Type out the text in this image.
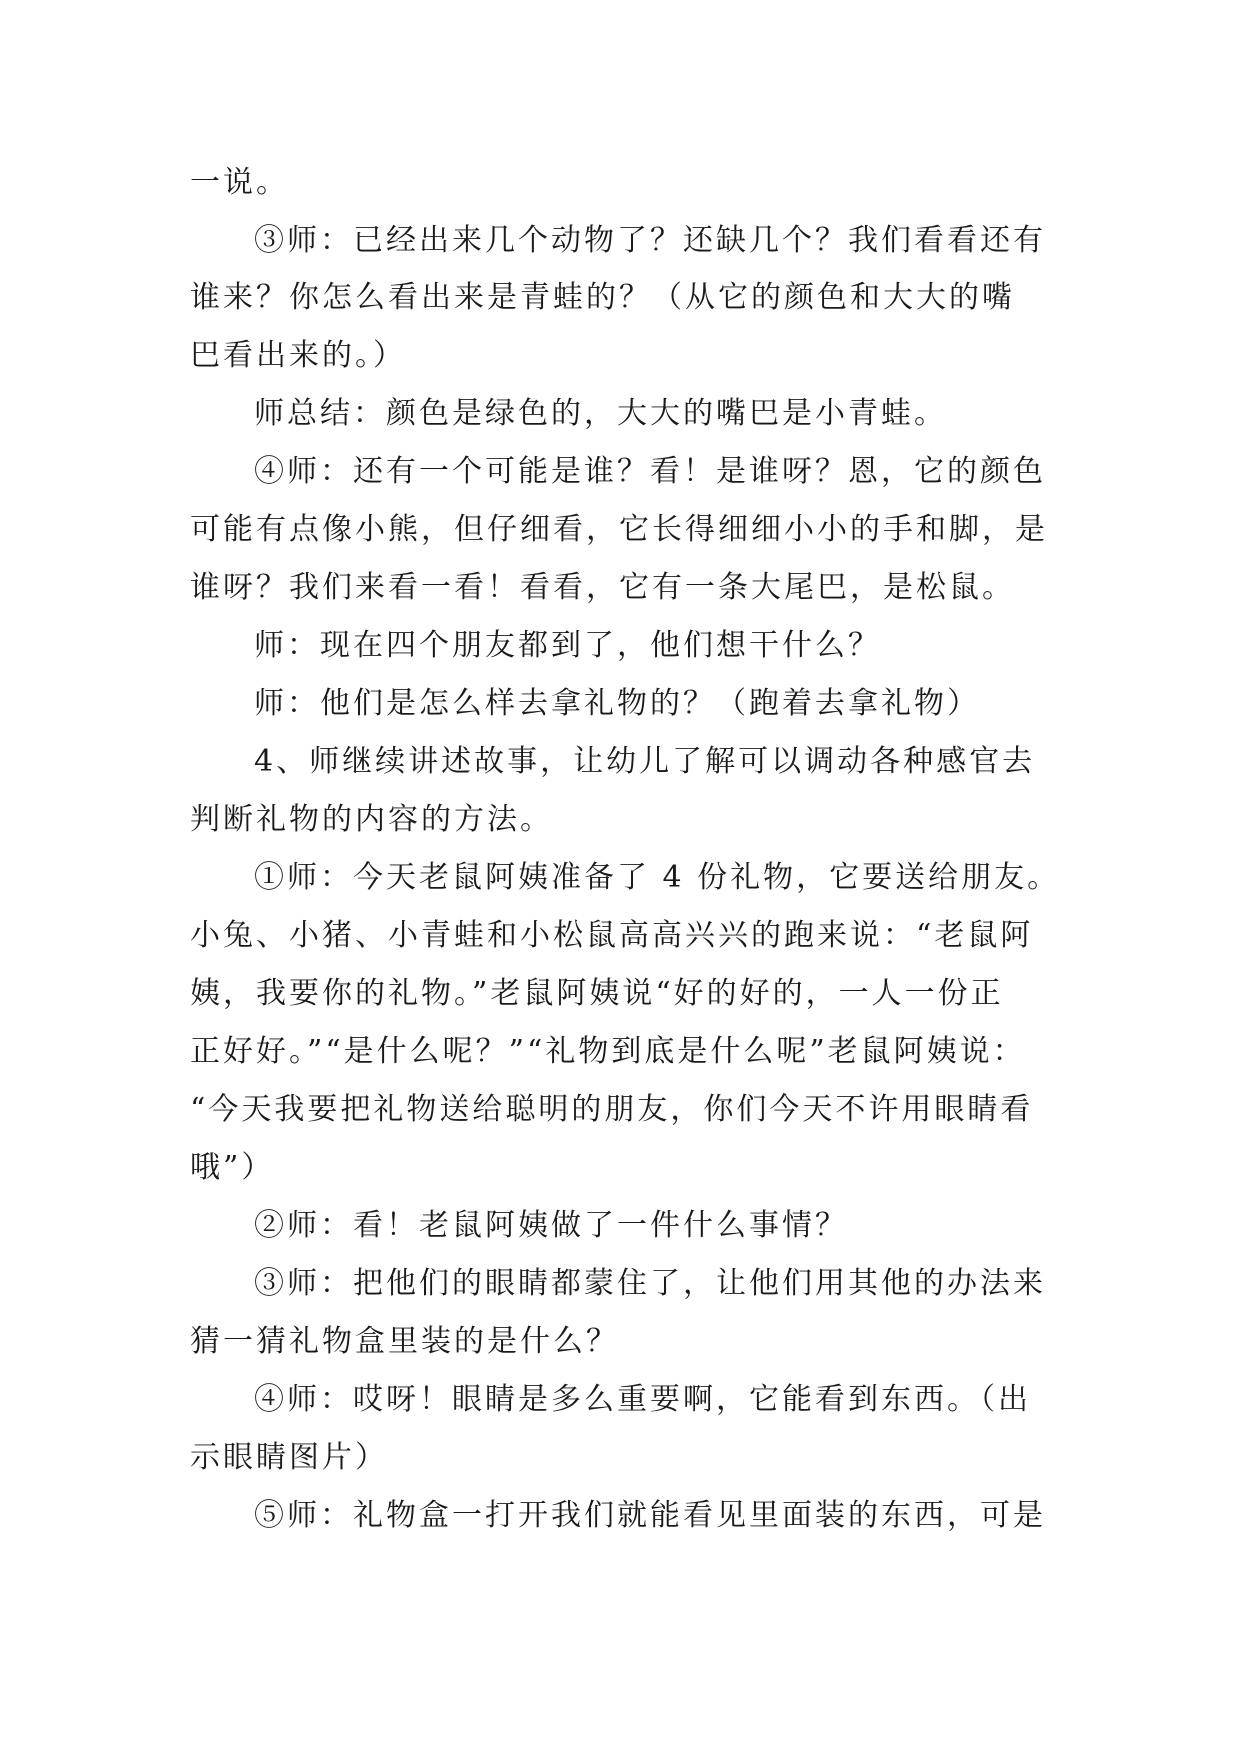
一说。
③师：已经出来几个动物了？还缺几个？我们看看还有
谁来？你怎么看出来是青蛙的？（从它的颜色和大大的嘴
巴看出来的。）
师总结：颜色是绿色的，大大的嘴巴是小青蛙。
④师：还有一个可能是谁？看！是谁呀？恩，它的颜色
可能有点像小熊，但仔细看，它长得细细小小的手和脚，是
谁呀？我们来看一看！看看，它有一条大尾巴，是松鼠。
师：现在四个朋友都到了，他们想干什么？
师：他们是怎么样去拿礼物的？（跑着去拿礼物）
4、师继续讲述故事，让幼儿了解可以调动各种感官去
判断礼物的内容的方法。
①师：今天老鼠阿姨准备了 4 份礼物，它要送给朋友。
小兔、小猪、小青蛙和小松鼠高高兴兴的跑来说：“老鼠阿
姨，我要你的礼物。”老鼠阿姨说“好的好的，一人一份正
正好好。”“是什么呢？”“礼物到底是什么呢”老鼠阿姨说：
“今天我要把礼物送给聪明的朋友，你们今天不许用眼睛看
哦”）
②师：看！老鼠阿姨做了一件什么事情？
③师：把他们的眼睛都蒙住了，让他们用其他的办法来
猜一猜礼物盒里装的是什么？
④师：哎呀！眼睛是多么重要啊，它能看到东西。（出
示眼睛图片）
⑤师：礼物盒一打开我们就能看见里面装的东西，可是
